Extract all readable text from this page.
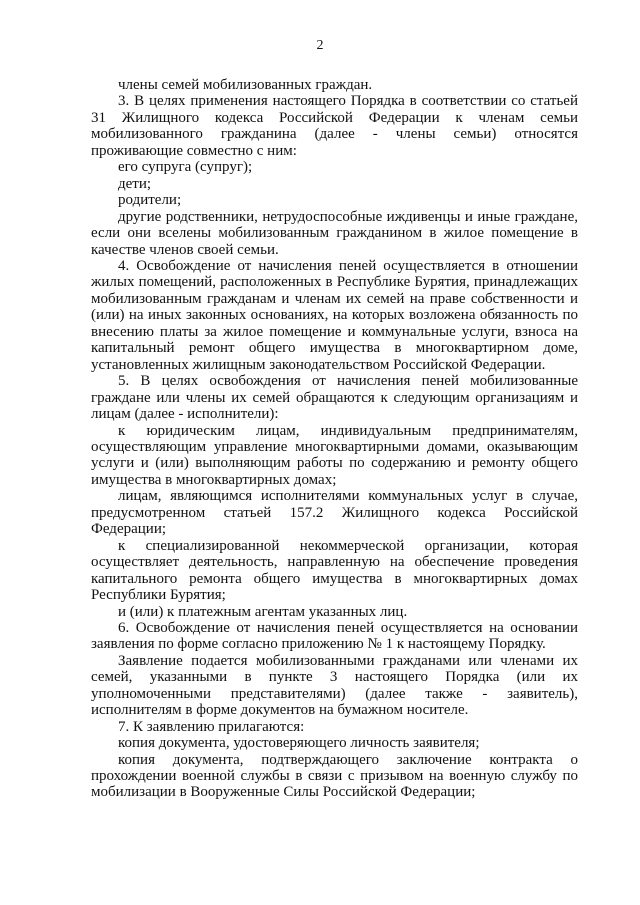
2

члены семей мобилизованных граждан.

3. В целях применения настоящего Порядка в соответствии со статьей 31 Жилищного кодекса Российской Федерации к членам семьи мобилизованного гражданина (далее - члены семьи) относятся проживающие совместно с ним:

его супруга (супруг);

дети;

родители;

другие родственники, нетрудоспособные иждивенцы и иные граждане, если они вселены мобилизованным гражданином в жилое помещение в качестве членов своей семьи.

4. Освобождение от начисления пеней осуществляется в отношении жилых помещений, расположенных в Республике Бурятия, принадлежащих мобилизованным гражданам и членам их семей на праве собственности и (или) на иных законных основаниях, на которых возложена обязанность по внесению платы за жилое помещение и коммунальные услуги, взноса на капитальный ремонт общего имущества в многоквартирном доме, установленных жилищным законодательством Российской Федерации.

5. В целях освобождения от начисления пеней мобилизованные граждане или члены их семей обращаются к следующим организациям и лицам (далее - исполнители):

к юридическим лицам, индивидуальным предпринимателям, осуществляющим управление многоквартирными домами, оказывающим услуги и (или) выполняющим работы по содержанию и ремонту общего имущества в многоквартирных домах;

лицам, являющимся исполнителями коммунальных услуг в случае, предусмотренном статьей 157.2 Жилищного кодекса Российской Федерации;

к специализированной некоммерческой организации, которая осуществляет деятельность, направленную на обеспечение проведения капитального ремонта общего имущества в многоквартирных домах Республики Бурятия;

и (или) к платежным агентам указанных лиц.

6. Освобождение от начисления пеней осуществляется на основании заявления по форме согласно приложению № 1 к настоящему Порядку.

Заявление подается мобилизованными гражданами или членами их семей, указанными в пункте 3 настоящего Порядка (или их уполномоченными представителями) (далее также - заявитель), исполнителям в форме документов на бумажном носителе.

7. К заявлению прилагаются:

копия документа, удостоверяющего личность заявителя;

копия документа, подтверждающего заключение контракта о прохождении военной службы в связи с призывом на военную службу по мобилизации в Вооруженные Силы Российской Федерации;
